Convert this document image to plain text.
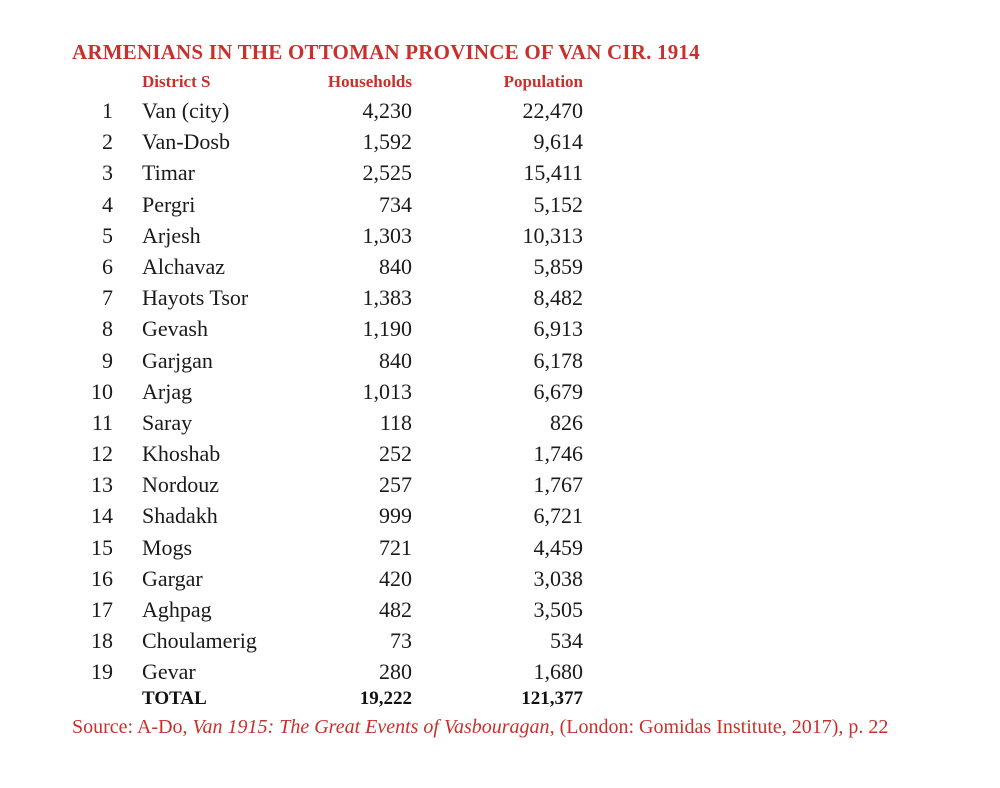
ARMENIANS IN THE OTTOMAN PROVINCE OF VAN CIR. 1914
District S	Households	Population
1 Van (city)	4,230	22,470
2 Van-Dosb	1,592	9,614
3 Timar	2,525	15,411
4 Pergri	734	5,152
5 Arjesh	1,303	10,313
6 Alchavaz	840	5,859
7 Hayots Tsor	1,383	8,482
8 Gevash	1,190	6,913
9 Garjgan	840	6,178
10 Arjag	1,013	6,679
11 Saray	118	826
12 Khoshab	252	1,746
13 Nordouz	257	1,767
14 Shadakh	999	6,721
15 Mogs	721	4,459
16 Gargar	420	3,038
17 Aghpag	482	3,505
18 Choulamerig	73	534
19 Gevar	280	1,680
TOTAL	19,222	121,377
Source: A-Do, Van 1915: The Great Events of Vasbouragan, (London: Gomidas Institute, 2017), p. 22
